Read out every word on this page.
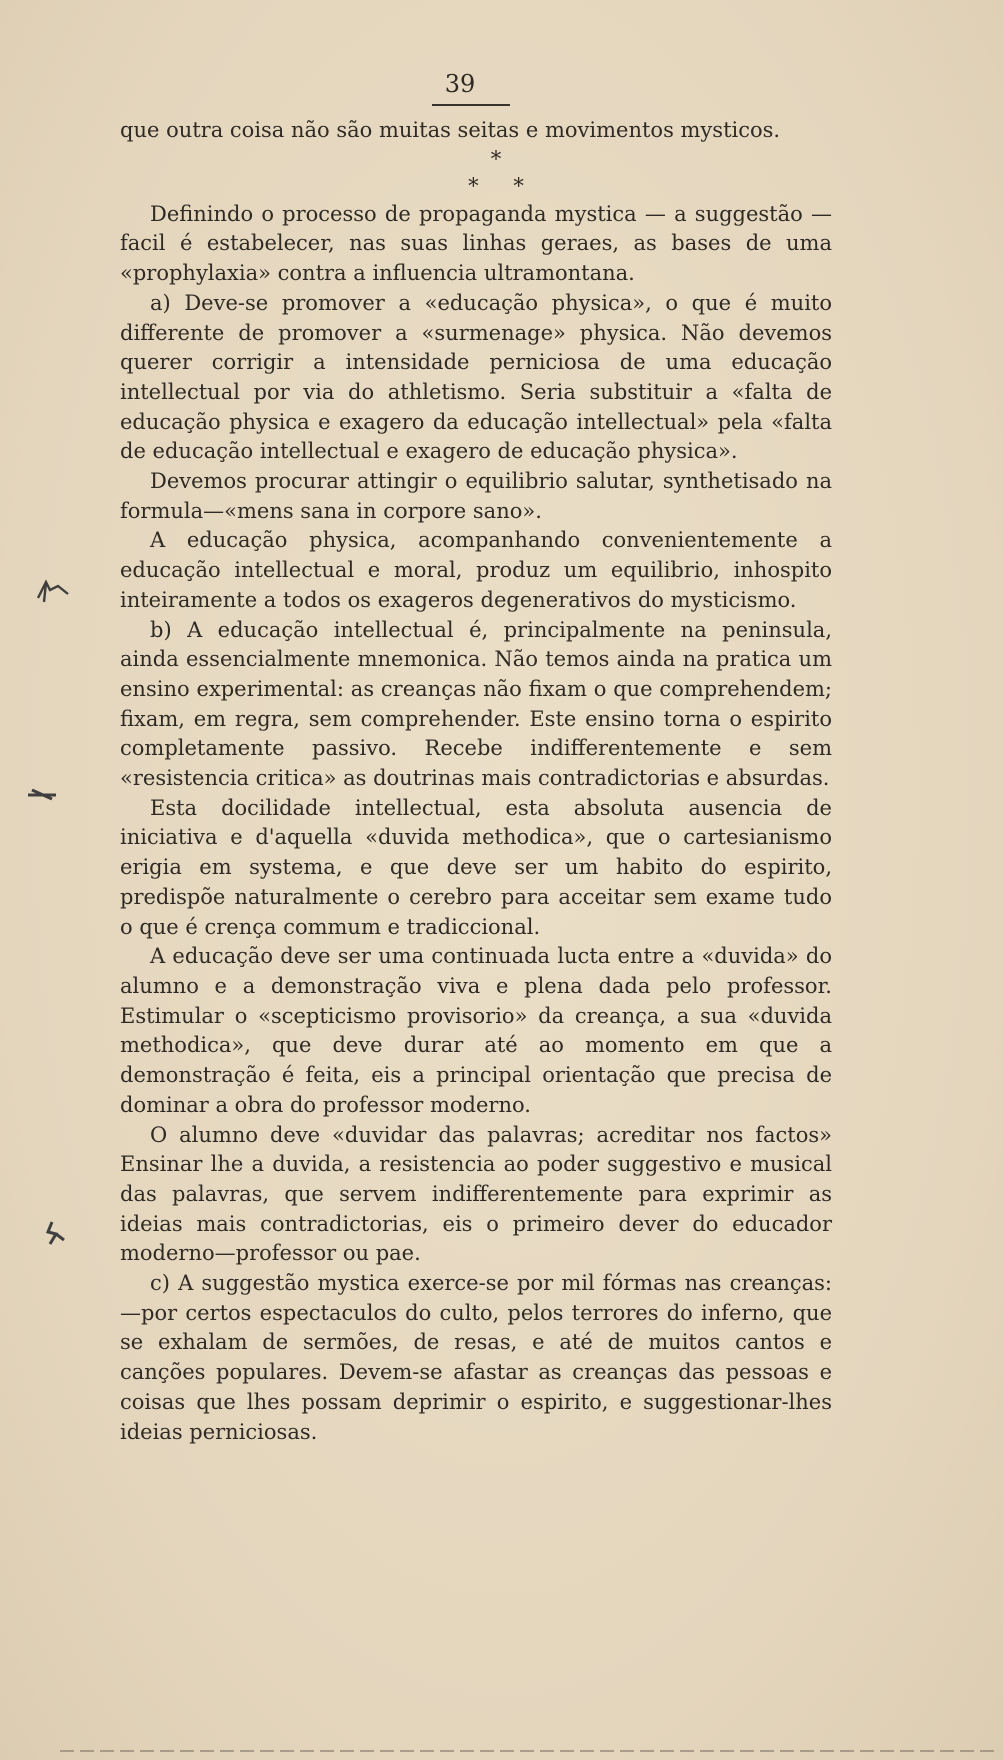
39

que outra coisa não são muitas seitas e movimentos mysticos.

*

* *

Definindo o processo de propaganda mystica — a suggestão — facil é estabelecer, nas suas linhas geraes, as bases de uma «prophylaxia» contra a influencia ultramontana.

a) Deve-se promover a «educação physica», o que é muito differente de promover a «surmenage» physica. Não devemos querer corrigir a intensidade perniciosa de uma educação intellectual por via do athletismo. Seria substituir a «falta de educação physica e exagero da educação intellectual» pela «falta de educação intellectual e exagero de educação physica».

Devemos procurar attingir o equilibrio salutar, synthetisado na formula—«mens sana in corpore sano».

A educação physica, acompanhando convenientemente a educação intellectual e moral, produz um equilibrio, inhospito inteiramente a todos os exageros degenerativos do mysticismo.

b) A educação intellectual é, principalmente na peninsula, ainda essencialmente mnemonica. Não temos ainda na pratica um ensino experimental: as creanças não fixam o que comprehendem; fixam, em regra, sem comprehender. Este ensino torna o espirito completamente passivo. Recebe indifferentemente e sem «resistencia critica» as doutrinas mais contradictorias e absurdas.

Esta docilidade intellectual, esta absoluta ausencia de iniciativa e d'aquella «duvida methodica», que o cartesianismo erigia em systema, e que deve ser um habito do espirito, predispõe naturalmente o cerebro para acceitar sem exame tudo o que é crença commum e tradiccional.

A educação deve ser uma continuada lucta entre a «duvida» do alumno e a demonstração viva e plena dada pelo professor. Estimular o «scepticismo provisorio» da creança, a sua «duvida methodica», que deve durar até ao momento em que a demonstração é feita, eis a principal orientação que precisa de dominar a obra do professor moderno.

O alumno deve «duvidar das palavras; acreditar nos factos» Ensinar lhe a duvida, a resistencia ao poder suggestivo e musical das palavras, que servem indifferentemente para exprimir as ideias mais contradictorias, eis o primeiro dever do educador moderno—professor ou pae.

c) A suggestão mystica exerce-se por mil fórmas nas creanças:—por certos espectaculos do culto, pelos terrores do inferno, que se exhalam de sermões, de resas, e até de muitos cantos e canções populares. Devem-se afastar as creanças das pessoas e coisas que lhes possam deprimir o espirito, e suggestionar-lhes ideias perniciosas.
